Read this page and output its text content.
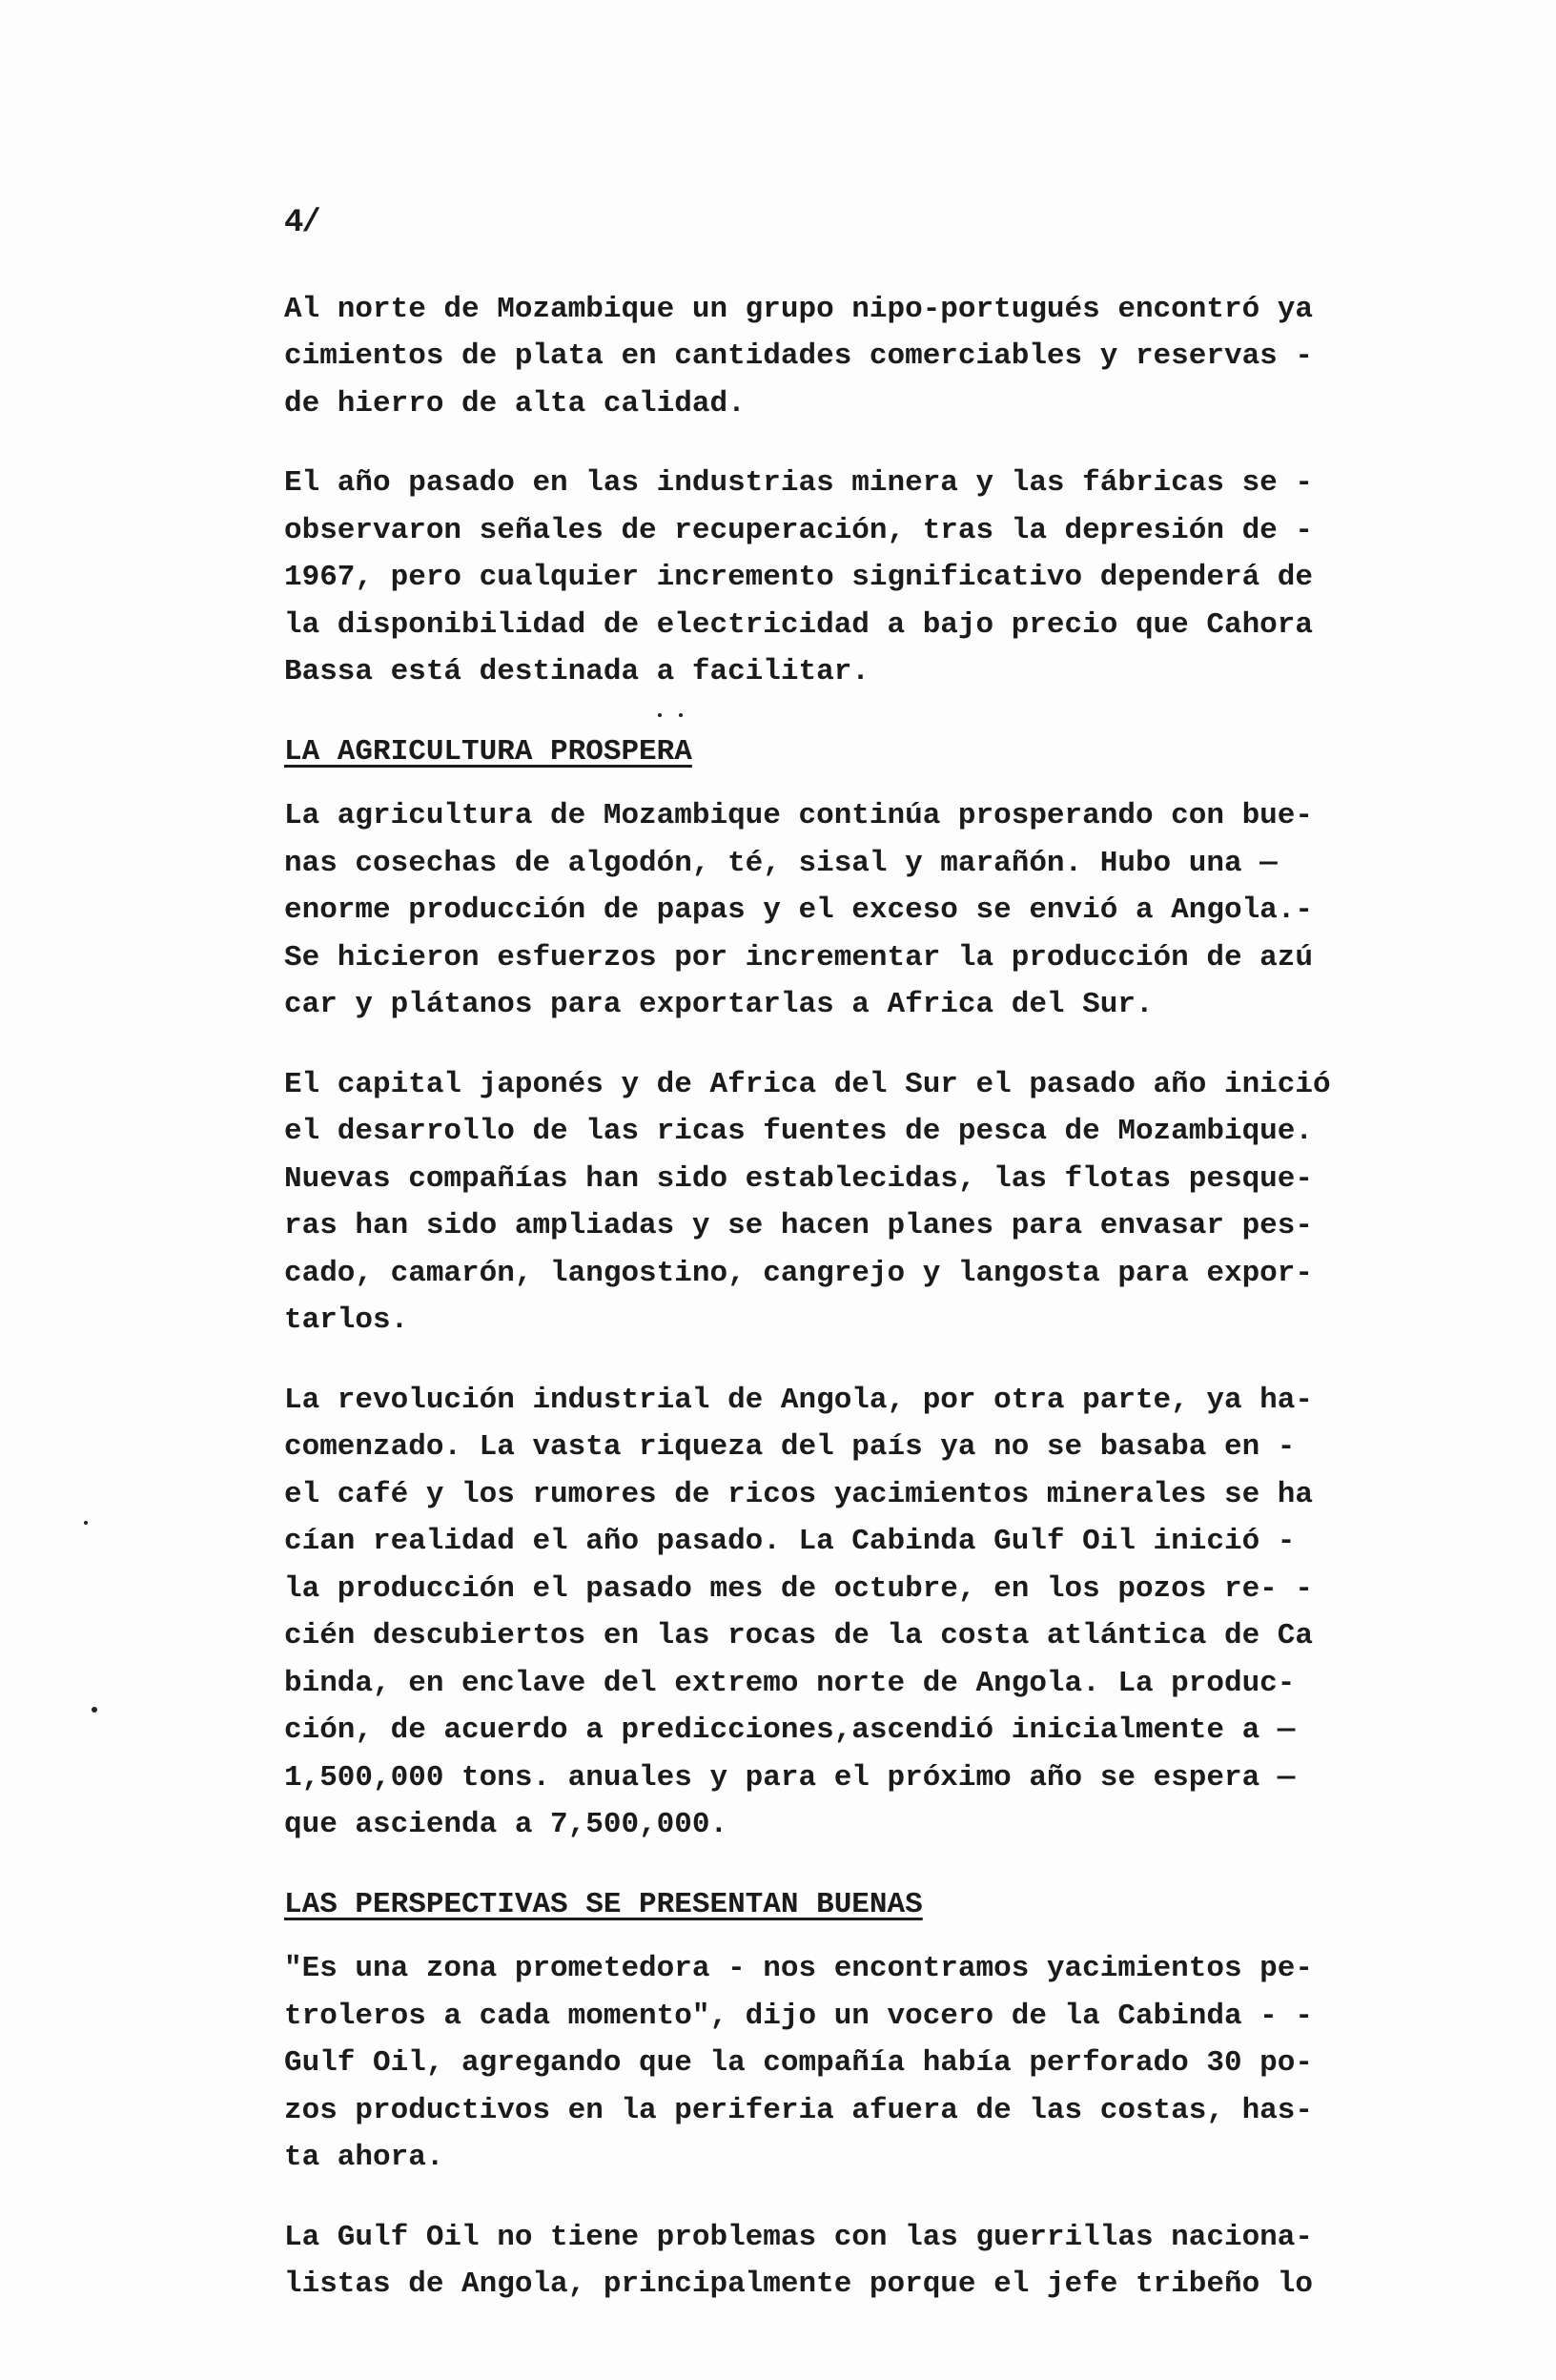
4/

Al norte de Mozambique un grupo nipo-portugués encontró ya
cimientos de plata en cantidades comerciables y reservas -
de hierro de alta calidad.

El año pasado en las industrias minera y las fábricas se -
observaron señales de recuperación, tras la depresión de -
1967, pero cualquier incremento significativo dependerá de
la disponibilidad de electricidad a bajo precio que Cahora
Bassa está destinada a facilitar.

LA AGRICULTURA PROSPERA

La agricultura de Mozambique continúa prosperando con bue-
nas cosechas de algodón, té, sisal y marañón. Hubo una —
enorme producción de papas y el exceso se envió a Angola.-
Se hicieron esfuerzos por incrementar la producción de azú
car y plátanos para exportarlas a Africa del Sur.

El capital japonés y de Africa del Sur el pasado año inició
el desarrollo de las ricas fuentes de pesca de Mozambique.
Nuevas compañías han sido establecidas, las flotas pesque-
ras han sido ampliadas y se hacen planes para envasar pes-
cado, camarón, langostino, cangrejo y langosta para expor-
tarlos.

La revolución industrial de Angola, por otra parte, ya ha-
comenzado. La vasta riqueza del país ya no se basaba en -
el café y los rumores de ricos yacimientos minerales se ha
cían realidad el año pasado. La Cabinda Gulf Oil inició -
la producción el pasado mes de octubre, en los pozos re- -
cién descubiertos en las rocas de la costa atlántica de Ca
binda, en enclave del extremo norte de Angola. La produc-
ción, de acuerdo a predicciones,ascendió inicialmente a —
1,500,000 tons. anuales y para el próximo año se espera —
que ascienda a 7,500,000.

LAS PERSPECTIVAS SE PRESENTAN BUENAS

"Es una zona prometedora - nos encontramos yacimientos pe-
troleros a cada momento", dijo un vocero de la Cabinda - -
Gulf Oil, agregando que la compañía había perforado 30 po-
zos productivos en la periferia afuera de las costas, has-
ta ahora.

La Gulf Oil no tiene problemas con las guerrillas naciona-
listas de Angola, principalmente porque el jefe tribeño lo
